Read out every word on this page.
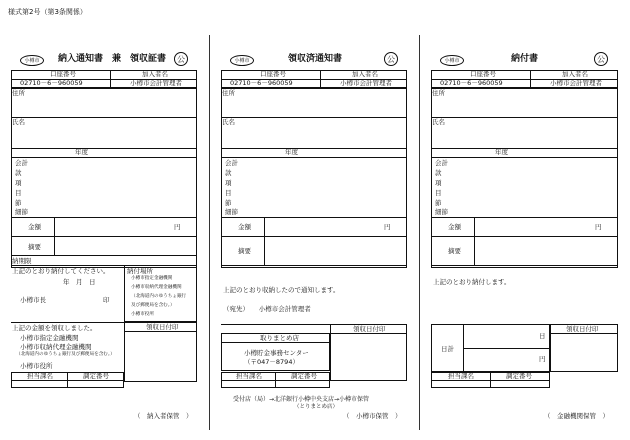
様式第2号（第3条関係）
小樽市	納入通知書　兼　領収証書	公
口座番号	加入者名
02710－6－960059	小樽市会計管理者
住所
氏名
年度
会計
款
項
目
節
細節
金額	円
摘要
納期限
上記のとおり納付してください。
年　月　日
小樽市長	印
納付場所
小樽市指定金融機関
小樽市収納代理金融機関
（北海道内のゆうちょ銀行
及び郵便局を含む。）
小樽市役所
上記の金額を領収しました。
小樽市指定金融機関
小樽市収納代理金融機関
（北海道内のゆうちょ銀行及び郵便局を含む。）
小樽市役所
領収日付印
担当課名	調定番号
（　納入者保管　）
小樽市	領収済通知書	公
口座番号	加入者名
02710－6－960059	小樽市会計管理者
住所
氏名
年度
会計
款
項
目
節
細節
金額	円
摘要
上記のとおり収納したので通知します。
（宛先）　　小樽市会計管理者
領収日付印
取りまとめ店
小樽貯金事務センター
（〒047－8794）
担当課名	調定番号
受付店（局）→北洋銀行小樽中央支店→小樽市保管
（とりまとめ店）
（　小樽市保管　）
小樽市	納付書	公
口座番号	加入者名
02710－6－960059	小樽市会計管理者
住所
氏名
年度
会計
款
項
目
節
細節
金額	円
摘要
上記のとおり納付します。
領収日付印
日計
日
円
担当課名	調定番号
（　金融機関保管　）
